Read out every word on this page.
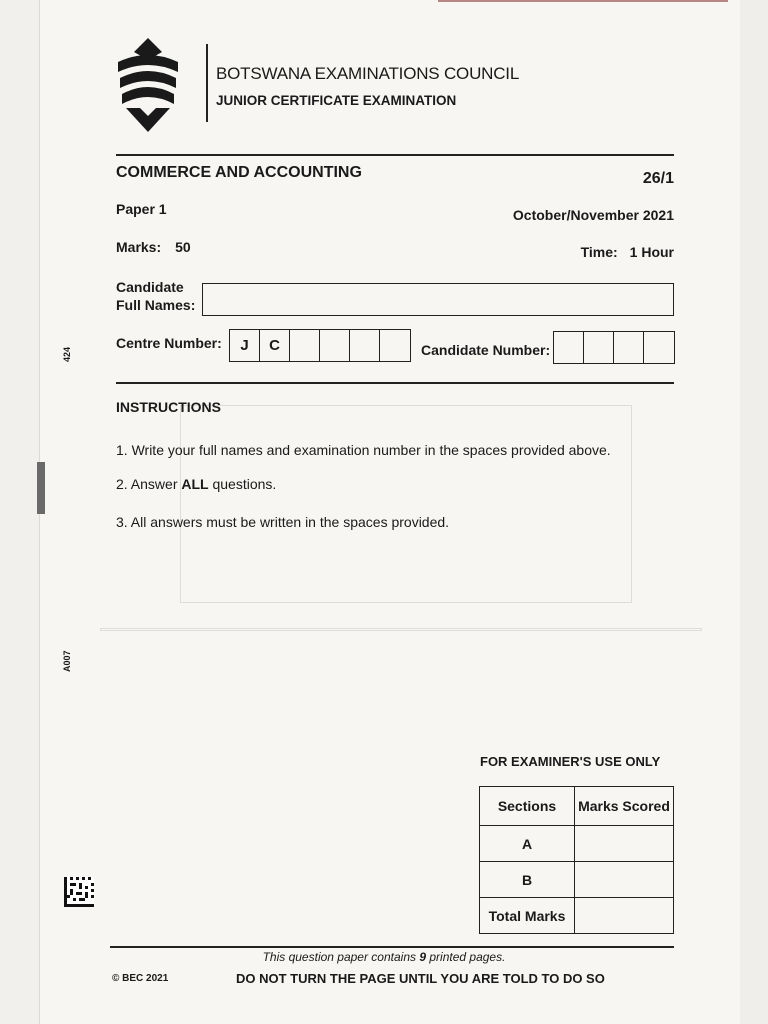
BOTSWANA EXAMINATIONS COUNCIL
JUNIOR CERTIFICATE EXAMINATION
COMMERCE AND ACCOUNTING	26/1
Paper 1	October/November 2021
Marks: 50	Time: 1 Hour
Candidate
Full Names:
Centre Number:	J	C	Candidate Number:
INSTRUCTIONS
1. Write your full names and examination number in the spaces provided above.
2. Answer ALL questions.
3. All answers must be written in the spaces provided.
424
A007
FOR EXAMINER'S USE ONLY
Sections	Marks Scored
A	
B	
Total Marks	
This question paper contains 9 printed pages.
© BEC 2021	DO NOT TURN THE PAGE UNTIL YOU ARE TOLD TO DO SO
